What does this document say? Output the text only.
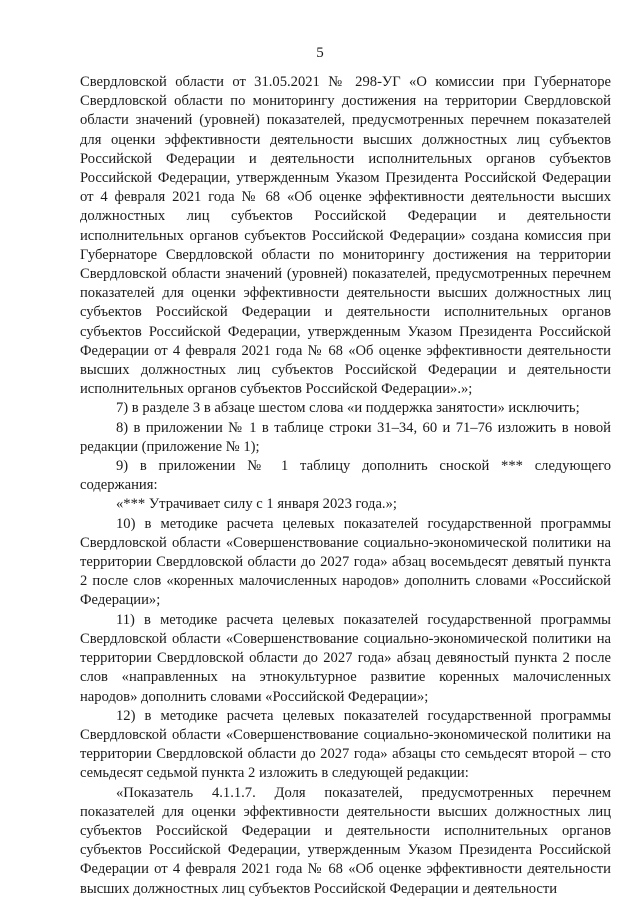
5

Свердловской области от 31.05.2021 № 298-УГ «О комиссии при Губернаторе Свердловской области по мониторингу достижения на территории Свердловской области значений (уровней) показателей, предусмотренных перечнем показателей для оценки эффективности деятельности высших должностных лиц субъектов Российской Федерации и деятельности исполнительных органов субъектов Российской Федерации, утвержденным Указом Президента Российской Федерации от 4 февраля 2021 года № 68 «Об оценке эффективности деятельности высших должностных лиц субъектов Российской Федерации и деятельности исполнительных органов субъектов Российской Федерации» создана комиссия при Губернаторе Свердловской области по мониторингу достижения на территории Свердловской области значений (уровней) показателей, предусмотренных перечнем показателей для оценки эффективности деятельности высших должностных лиц субъектов Российской Федерации и деятельности исполнительных органов субъектов Российской Федерации, утвержденным Указом Президента Российской Федерации от 4 февраля 2021 года № 68 «Об оценке эффективности деятельности высших должностных лиц субъектов Российской Федерации и деятельности исполнительных органов субъектов Российской Федерации».»;

7) в разделе 3 в абзаце шестом слова «и поддержка занятости» исключить;

8) в приложении № 1 в таблице строки 31–34, 60 и 71–76 изложить в новой редакции (приложение № 1);

9) в приложении № 1 таблицу дополнить сноской *** следующего содержания:

«*** Утрачивает силу с 1 января 2023 года.»;

10) в методике расчета целевых показателей государственной программы Свердловской области «Совершенствование социально-экономической политики на территории Свердловской области до 2027 года» абзац восемьдесят девятый пункта 2 после слов «коренных малочисленных народов» дополнить словами «Российской Федерации»;

11) в методике расчета целевых показателей государственной программы Свердловской области «Совершенствование социально-экономической политики на территории Свердловской области до 2027 года» абзац девяностый пункта 2 после слов «направленных на этнокультурное развитие коренных малочисленных народов» дополнить словами «Российской Федерации»;

12) в методике расчета целевых показателей государственной программы Свердловской области «Совершенствование социально-экономической политики на территории Свердловской области до 2027 года» абзацы сто семьдесят второй – сто семьдесят седьмой пункта 2 изложить в следующей редакции:

«Показатель 4.1.1.7. Доля показателей, предусмотренных перечнем показателей для оценки эффективности деятельности высших должностных лиц субъектов Российской Федерации и деятельности исполнительных органов субъектов Российской Федерации, утвержденным Указом Президента Российской Федерации от 4 февраля 2021 года № 68 «Об оценке эффективности деятельности высших должностных лиц субъектов Российской Федерации и деятельности
